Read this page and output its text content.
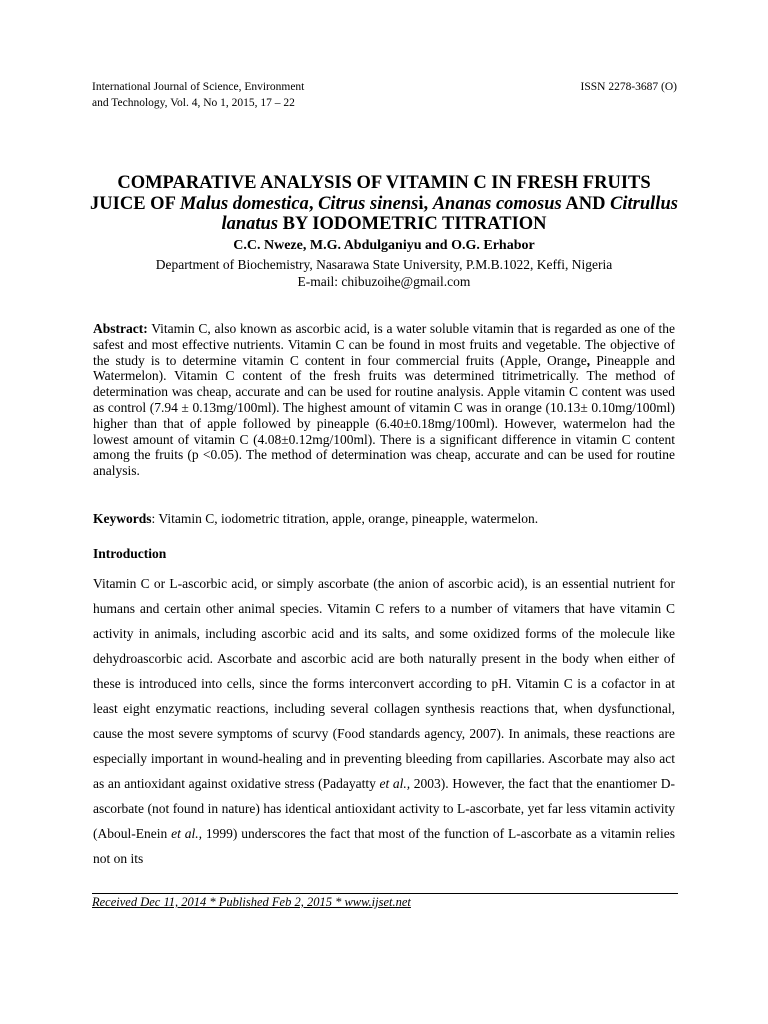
International Journal of Science, Environment
and Technology, Vol. 4, No 1, 2015, 17 – 22
ISSN 2278-3687 (O)
COMPARATIVE ANALYSIS OF VITAMIN C IN FRESH FRUITS
JUICE OF Malus domestica, Citrus sinensi, Ananas comosus AND Citrullus
lanatus BY IODOMETRIC TITRATION
C.C. Nweze, M.G. Abdulganiyu and O.G. Erhabor
Department of Biochemistry, Nasarawa State University, P.M.B.1022, Keffi, Nigeria
E-mail: chibuzoihe@gmail.com

Abstract: Vitamin C, also known as ascorbic acid, is a water soluble vitamin that is regarded as one of the safest and most effective nutrients. Vitamin C can be found in most fruits and vegetable. The objective of the study is to determine vitamin C content in four commercial fruits (Apple, Orange, Pineapple and Watermelon). Vitamin C content of the fresh fruits was determined titrimetrically. The method of determination was cheap, accurate and can be used for routine analysis. Apple vitamin C content was used as control (7.94 ± 0.13mg/100ml). The highest amount of vitamin C was in orange (10.13± 0.10mg/100ml) higher than that of apple followed by pineapple (6.40±0.18mg/100ml). However, watermelon had the lowest amount of vitamin C (4.08±0.12mg/100ml). There is a significant difference in vitamin C content among the fruits (p <0.05). The method of determination was cheap, accurate and can be used for routine analysis.

Keywords: Vitamin C, iodometric titration, apple, orange, pineapple, watermelon.

Introduction

Vitamin C or L-ascorbic acid, or simply ascorbate (the anion of ascorbic acid), is an essential nutrient for humans and certain other animal species. Vitamin C refers to a number of vitamers that have vitamin C activity in animals, including ascorbic acid and its salts, and some oxidized forms of the molecule like dehydroascorbic acid. Ascorbate and ascorbic acid are both naturally present in the body when either of these is introduced into cells, since the forms interconvert according to pH. Vitamin C is a cofactor in at least eight enzymatic reactions, including several collagen synthesis reactions that, when dysfunctional, cause the most severe symptoms of scurvy (Food standards agency, 2007). In animals, these reactions are especially important in wound-healing and in preventing bleeding from capillaries. Ascorbate may also act as an antioxidant against oxidative stress (Padayatty et al., 2003). However, the fact that the enantiomer D-ascorbate (not found in nature) has identical antioxidant activity to L-ascorbate, yet far less vitamin activity (Aboul-Enein et al., 1999) underscores the fact that most of the function of L-ascorbate as a vitamin relies not on its

Received Dec 11, 2014 * Published Feb 2, 2015 * www.ijset.net
